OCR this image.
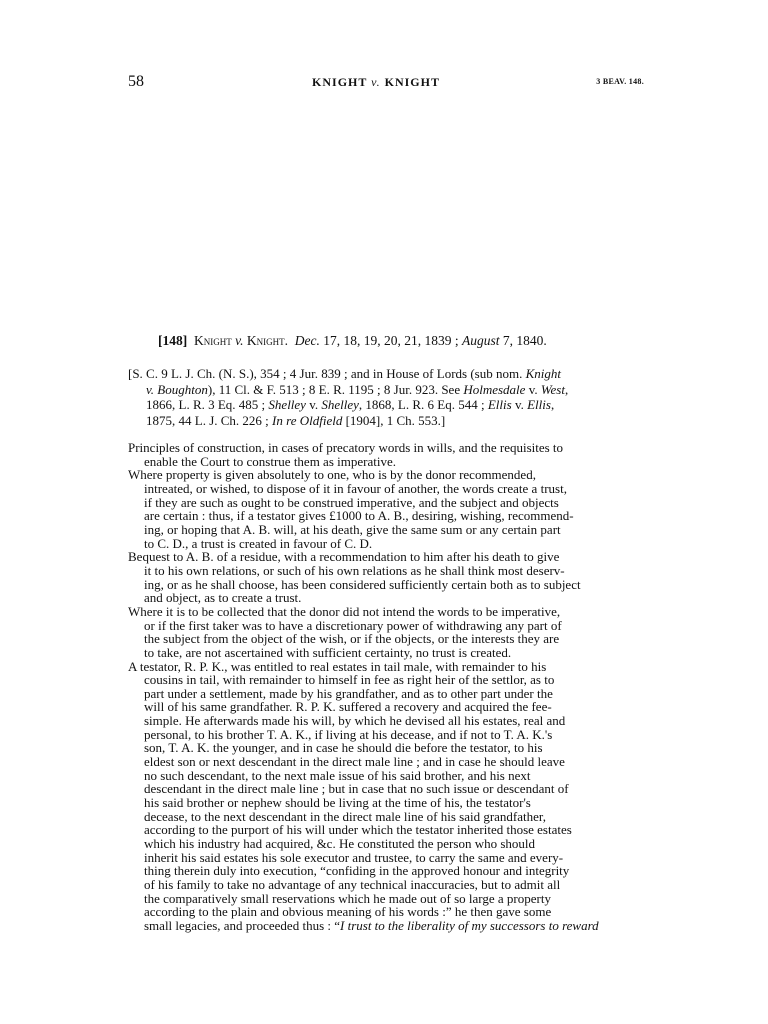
58	KNIGHT v. KNIGHT	3 BEAV. 148.
[148] Knight v. Knight. Dec. 17, 18, 19, 20, 21, 1839 ; August 7, 1840.

[S. C. 9 L. J. Ch. (N. S.), 354 ; 4 Jur. 839 ; and in House of Lords (sub nom. Knight

v. Boughton), 11 Cl. & F. 513 ; 8 E. R. 1195 ; 8 Jur. 923. See Holmesdale v. West,

1866, L. R. 3 Eq. 485 ; Shelley v. Shelley, 1868, L. R. 6 Eq. 544 ; Ellis v. Ellis,

1875, 44 L. J. Ch. 226 ; In re Oldfield [1904], 1 Ch. 553.]

Principles of construction, in cases of precatory words in wills, and the requisites to

enable the Court to construe them as imperative.

Where property is given absolutely to one, who is by the donor recommended,

intreated, or wished, to dispose of it in favour of another, the words create a trust,

if they are such as ought to be construed imperative, and the subject and objects

are certain : thus, if a testator gives £1000 to A. B., desiring, wishing, recommend-

ing, or hoping that A. B. will, at his death, give the same sum or any certain part

to C. D., a trust is created in favour of C. D.

Bequest to A. B. of a residue, with a recommendation to him after his death to give

it to his own relations, or such of his own relations as he shall think most deserv-

ing, or as he shall choose, has been considered sufficiently certain both as to subject

and object, as to create a trust.

Where it is to be collected that the donor did not intend the words to be imperative,

or if the first taker was to have a discretionary power of withdrawing any part of

the subject from the object of the wish, or if the objects, or the interests they are

to take, are not ascertained with sufficient certainty, no trust is created.

A testator, R. P. K., was entitled to real estates in tail male, with remainder to his

cousins in tail, with remainder to himself in fee as right heir of the settlor, as to

part under a settlement, made by his grandfather, and as to other part under the

will of his same grandfather. R. P. K. suffered a recovery and acquired the fee-

simple. He afterwards made his will, by which he devised all his estates, real and

personal, to his brother T. A. K., if living at his decease, and if not to T. A. K.'s

son, T. A. K. the younger, and in case he should die before the testator, to his

eldest son or next descendant in the direct male line ; and in case he should leave

no such descendant, to the next male issue of his said brother, and his next

descendant in the direct male line ; but in case that no such issue or descendant of

his said brother or nephew should be living at the time of his, the testator's

decease, to the next descendant in the direct male line of his said grandfather,

according to the purport of his will under which the testator inherited those estates

which his industry had acquired, &c. He constituted the person who should

inherit his said estates his sole executor and trustee, to carry the same and every-

thing therein duly into execution, “confiding in the approved honour and integrity

of his family to take no advantage of any technical inaccuracies, but to admit all

the comparatively small reservations which he made out of so large a property

according to the plain and obvious meaning of his words :” he then gave some

small legacies, and proceeded thus : “I trust to the liberality of my successors to reward
